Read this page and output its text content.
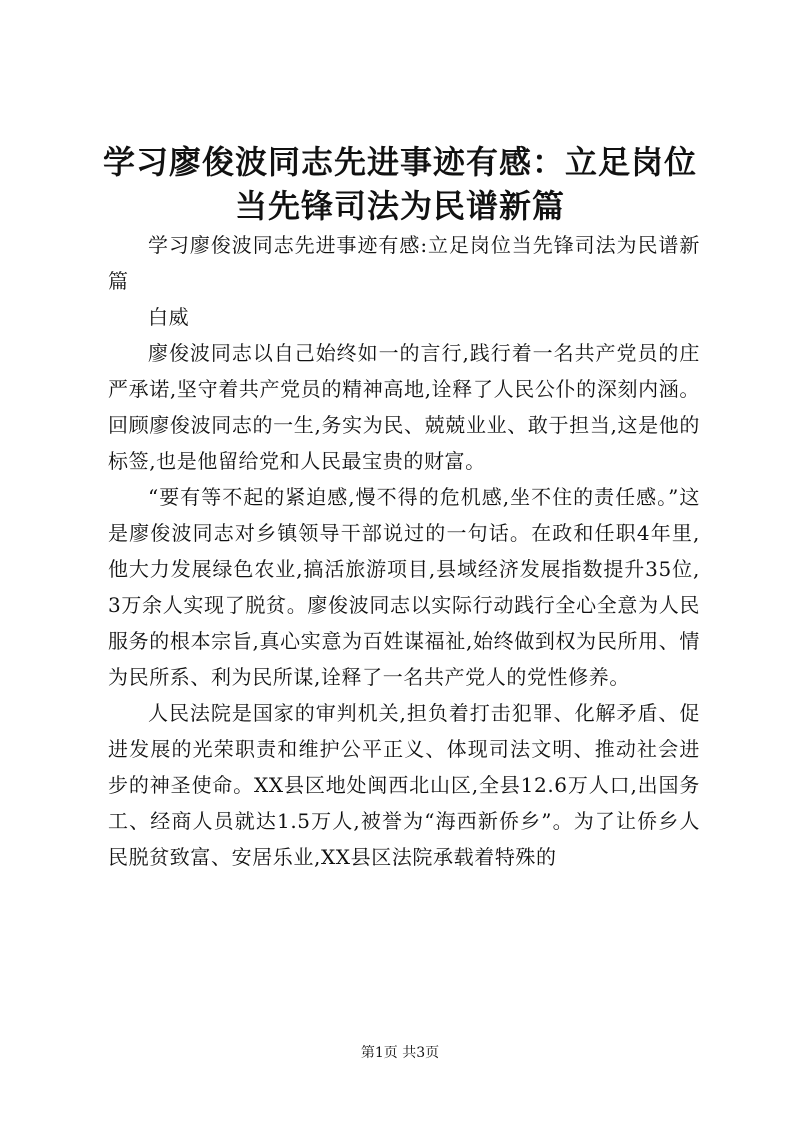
学习廖俊波同志先进事迹有感：立足岗位当先锋司法为民谱新篇

学习廖俊波同志先进事迹有感:立足岗位当先锋司法为民谱新篇

白威

廖俊波同志以自己始终如一的言行,践行着一名共产党员的庄严承诺,坚守着共产党员的精神高地,诠释了人民公仆的深刻内涵。回顾廖俊波同志的一生,务实为民、兢兢业业、敢于担当,这是他的标签,也是他留给党和人民最宝贵的财富。

“要有等不起的紧迫感,慢不得的危机感,坐不住的责任感。”这是廖俊波同志对乡镇领导干部说过的一句话。在政和任职4年里,他大力发展绿色农业,搞活旅游项目,县域经济发展指数提升35位,3万余人实现了脱贫。廖俊波同志以实际行动践行全心全意为人民服务的根本宗旨,真心实意为百姓谋福祉,始终做到权为民所用、情为民所系、利为民所谋,诠释了一名共产党人的党性修养。

人民法院是国家的审判机关,担负着打击犯罪、化解矛盾、促进发展的光荣职责和维护公平正义、体现司法文明、推动社会进步的神圣使命。XX县区地处闽西北山区,全县12.6万人口,出国务工、经商人员就达1.5万人,被誉为“海西新侨乡”。为了让侨乡人民脱贫致富、安居乐业,XX县区法院承载着特殊的

第1页 共3页
